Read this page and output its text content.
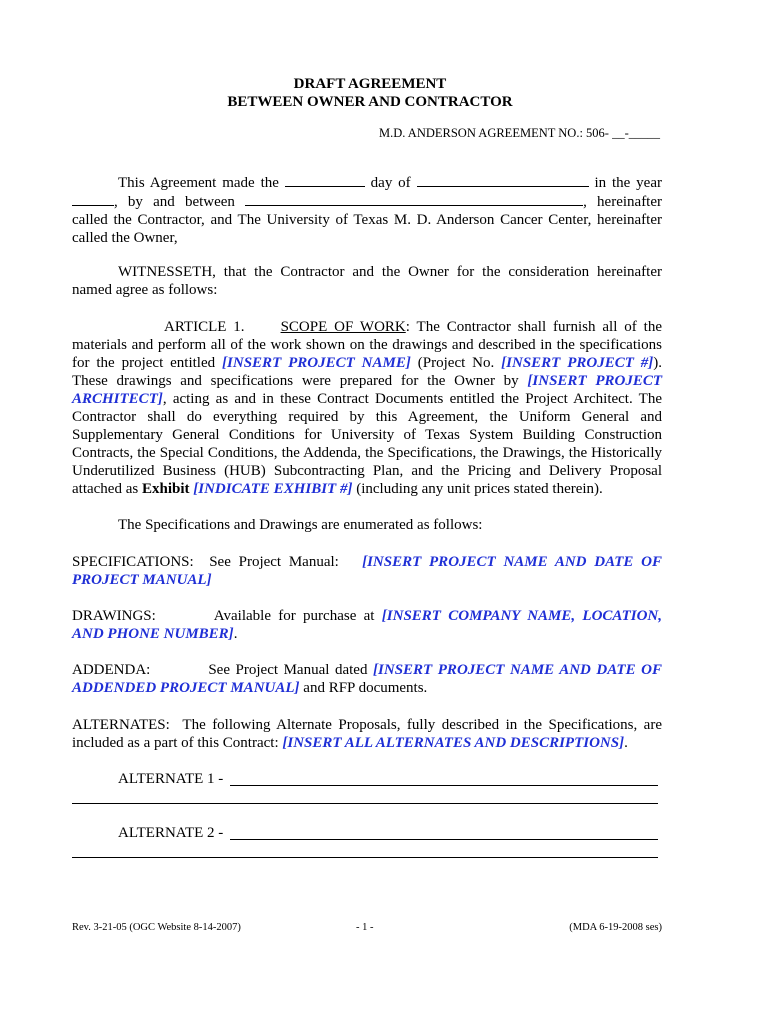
DRAFT AGREEMENT
BETWEEN OWNER AND CONTRACTOR
M.D. ANDERSON AGREEMENT NO.: 506- __-_____
This Agreement made the	day of	in the year , by and between	, hereinafter called the Contractor, and The University of Texas M. D. Anderson Cancer Center, hereinafter called the Owner,
WITNESSETH, that the Contractor and the Owner for the consideration hereinafter named agree as follows:
ARTICLE 1. SCOPE OF WORK: The Contractor shall furnish all of the materials and perform all of the work shown on the drawings and described in the specifications for the project entitled [INSERT PROJECT NAME] (Project No. [INSERT PROJECT #]). These drawings and specifications were prepared for the Owner by [INSERT PROJECT ARCHITECT], acting as and in these Contract Documents entitled the Project Architect. The Contractor shall do everything required by this Agreement, the Uniform General and Supplementary General Conditions for University of Texas System Building Construction Contracts, the Special Conditions, the Addenda, the Specifications, the Drawings, the Historically Underutilized Business (HUB) Subcontracting Plan, and the Pricing and Delivery Proposal attached as Exhibit [INDICATE EXHIBIT #] (including any unit prices stated therein).
The Specifications and Drawings are enumerated as follows:
SPECIFICATIONS: See Project Manual: [INSERT PROJECT NAME AND DATE OF PROJECT MANUAL]
DRAWINGS:	Available for purchase at [INSERT COMPANY NAME, LOCATION, AND PHONE NUMBER].
ADDENDA:	See Project Manual dated [INSERT PROJECT NAME AND DATE OF ADDENDED PROJECT MANUAL] and RFP documents.
ALTERNATES: The following Alternate Proposals, fully described in the Specifications, are included as a part of this Contract: [INSERT ALL ALTERNATES AND DESCRIPTIONS].
ALTERNATE 1 -
ALTERNATE 2 -
Rev. 3-21-05 (OGC Website 8-14-2007)	- 1 -	(MDA 6-19-2008 ses)
